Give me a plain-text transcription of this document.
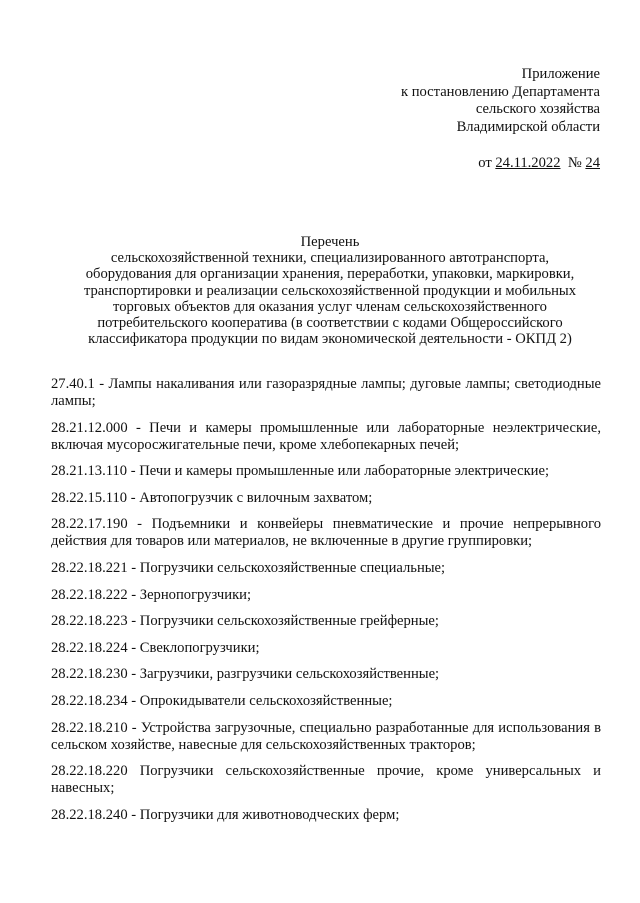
Приложение
к постановлению Департамента
сельского хозяйства
Владимирской области
от 24.11.2022 № 24
Перечень
сельскохозяйственной техники, специализированного автотранспорта,
оборудования для организации хранения, переработки, упаковки, маркировки,
транспортировки и реализации сельскохозяйственной продукции и мобильных
торговых объектов для оказания услуг членам сельскохозяйственного
потребительского кооператива (в соответствии с кодами Общероссийского
классификатора продукции по видам экономической деятельности - ОКПД 2)

27.40.1 - Лампы накаливания или газоразрядные лампы; дуговые лампы; светодиодные лампы;

28.21.12.000 - Печи и камеры промышленные или лабораторные неэлектрические, включая мусоросжигательные печи, кроме хлебопекарных печей;

28.21.13.110 - Печи и камеры промышленные или лабораторные электрические;

28.22.15.110 - Автопогрузчик с вилочным захватом;

28.22.17.190 - Подъемники и конвейеры пневматические и прочие непрерывного действия для товаров или материалов, не включенные в другие группировки;

28.22.18.221 - Погрузчики сельскохозяйственные специальные;

28.22.18.222 - Зернопогрузчики;

28.22.18.223 - Погрузчики сельскохозяйственные грейферные;

28.22.18.224 - Свеклопогрузчики;

28.22.18.230 - Загрузчики, разгрузчики сельскохозяйственные;

28.22.18.234 - Опрокидыватели сельскохозяйственные;

28.22.18.210 - Устройства загрузочные, специально разработанные для использования в сельском хозяйстве, навесные для сельскохозяйственных тракторов;

28.22.18.220 Погрузчики сельскохозяйственные прочие, кроме универсальных и навесных;

28.22.18.240 - Погрузчики для животноводческих ферм;
